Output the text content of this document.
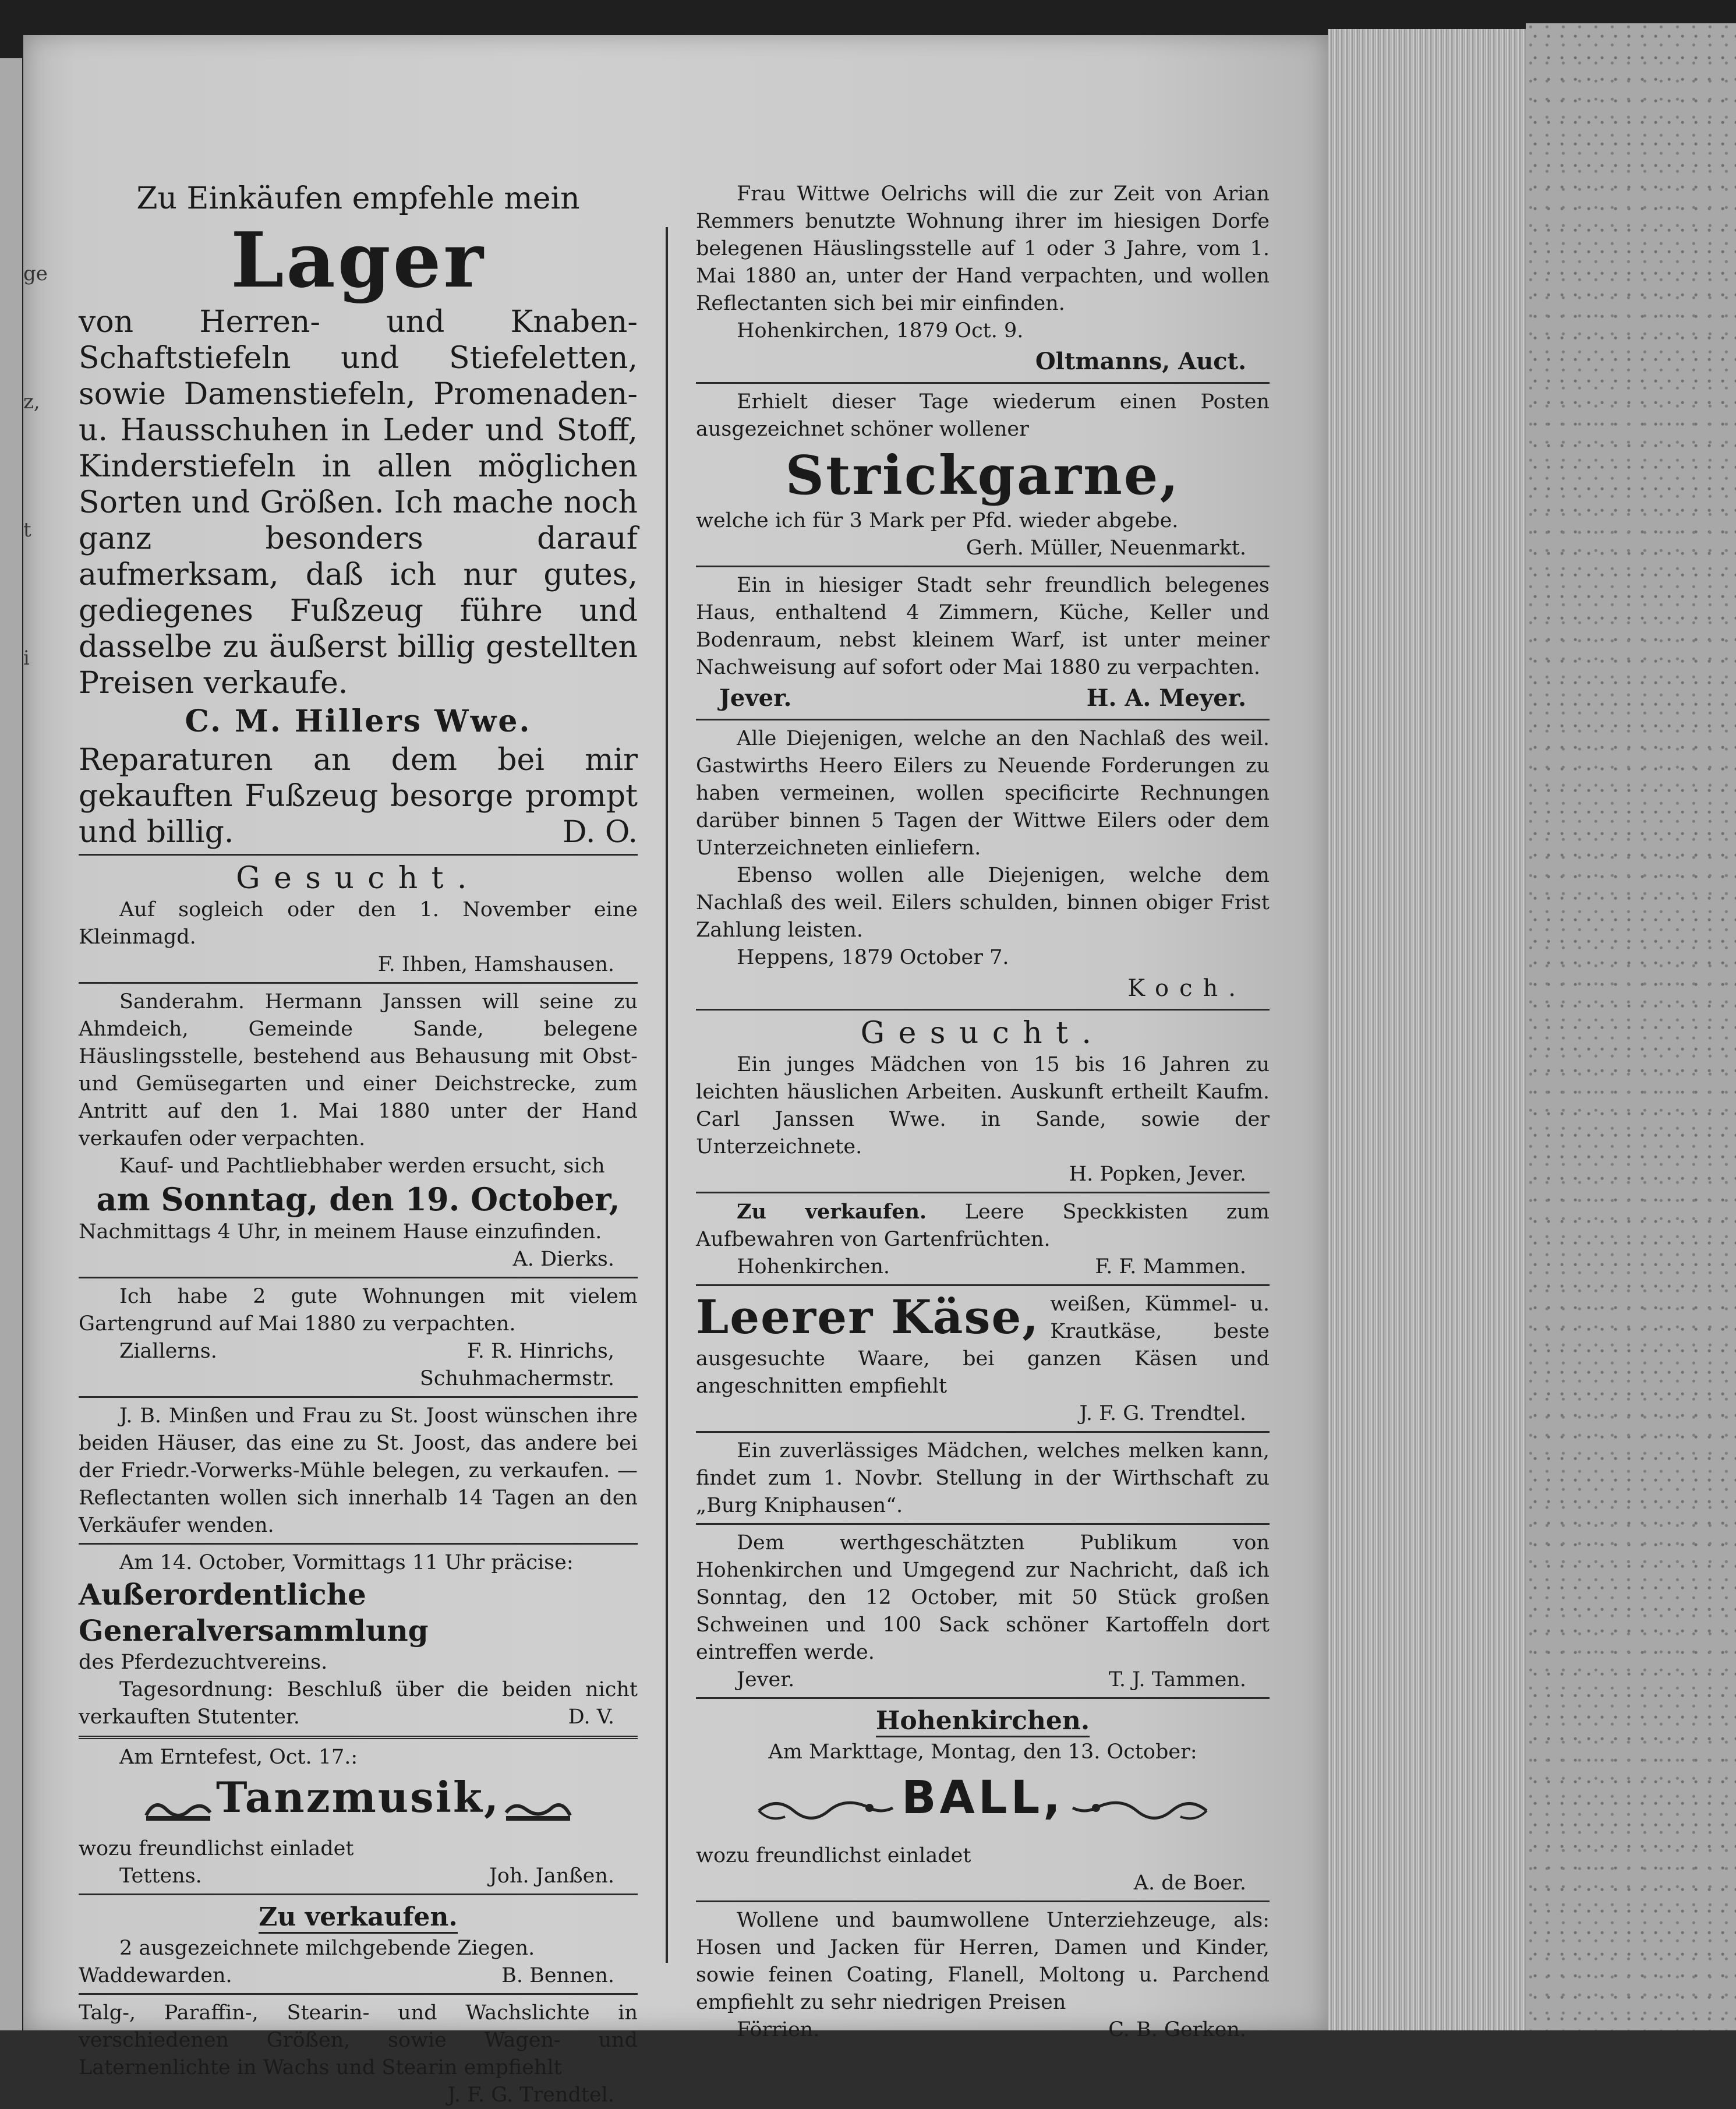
ge
z,
t
i
Zu Einkäufen empfehle mein
Lager
von Herren- und Knaben-Schaftstiefeln und Stiefeletten, sowie Damenstiefeln, Promenaden- u. Hausschuhen in Leder und Stoff, Kinderstiefeln in allen möglichen Sorten und Größen. Ich mache noch ganz besonders darauf aufmerksam, daß ich nur gutes, gediegenes Fußzeug führe und dasselbe zu äußerst billig gestellten Preisen verkaufe.
C. M. Hillers Wwe.
Reparaturen an dem bei mir gekauften Fußzeug besorge prompt und billig.	D. O.
Gesucht.
Auf sogleich oder den 1. November eine Kleinmagd.
F. Ihben, Hamshausen.
Sanderahm. Hermann Janssen will seine zu Ahmdeich, Gemeinde Sande, belegene Häuslingsstelle, bestehend aus Behausung mit Obst- und Gemüsegarten und einer Deichstrecke, zum Antritt auf den 1. Mai 1880 unter der Hand verkaufen oder verpachten.
Kauf- und Pachtliebhaber werden ersucht, sich
am Sonntag, den 19. October,
Nachmittags 4 Uhr, in meinem Hause einzufinden.
A. Dierks.
Ich habe 2 gute Wohnungen mit vielem Gartengrund auf Mai 1880 zu verpachten.
Ziallerns.	F. R. Hinrichs,
Schuhmachermstr.
J. B. Minßen und Frau zu St. Joost wünschen ihre beiden Häuser, das eine zu St. Joost, das andere bei der Friedr.-Vorwerks-Mühle belegen, zu verkaufen. — Reflectanten wollen sich innerhalb 14 Tagen an den Verkäufer wenden.
Am 14. October, Vormittags 11 Uhr präcise:
Außerordentliche Generalversammlung
des Pferdezuchtvereins.
Tagesordnung: Beschluß über die beiden nicht verkauften Stutenter.	D. V.
Am Erntefest, Oct. 17.:
Tanzmusik,
wozu freundlichst einladet
Tettens.	Joh. Janßen.
Zu verkaufen.
2 ausgezeichnete milchgebende Ziegen.
Waddewarden.	B. Bennen.
Talg-, Paraffin-, Stearin- und Wachslichte in verschiedenen Größen, sowie Wagen- und Laternenlichte in Wachs und Stearin empfiehlt
J. F. G. Trendtel.
Frau Wittwe Oelrichs will die zur Zeit von Arian Remmers benutzte Wohnung ihrer im hiesigen Dorfe belegenen Häuslingsstelle auf 1 oder 3 Jahre, vom 1. Mai 1880 an, unter der Hand verpachten, und wollen Reflectanten sich bei mir einfinden.
Hohenkirchen, 1879 Oct. 9.
Oltmanns, Auct.
Erhielt dieser Tage wiederum einen Posten ausgezeichnet schöner wollener
Strickgarne,
welche ich für 3 Mark per Pfd. wieder abgebe.
Gerh. Müller, Neuenmarkt.
Ein in hiesiger Stadt sehr freundlich belegenes Haus, enthaltend 4 Zimmern, Küche, Keller und Bodenraum, nebst kleinem Warf, ist unter meiner Nachweisung auf sofort oder Mai 1880 zu verpachten.
Jever.	H. A. Meyer.
Alle Diejenigen, welche an den Nachlaß des weil. Gastwirths Heero Eilers zu Neuende Forderungen zu haben vermeinen, wollen specificirte Rechnungen darüber binnen 5 Tagen der Wittwe Eilers oder dem Unterzeichneten einliefern.
Ebenso wollen alle Diejenigen, welche dem Nachlaß des weil. Eilers schulden, binnen obiger Frist Zahlung leisten.
Heppens, 1879 October 7.
Koch.
Gesucht.
Ein junges Mädchen von 15 bis 16 Jahren zu leichten häuslichen Arbeiten. Auskunft ertheilt Kaufm. Carl Janssen Wwe. in Sande, sowie der Unterzeichnete.
H. Popken, Jever.
Zu verkaufen. Leere Speckkisten zum Aufbewahren von Gartenfrüchten.
Hohenkirchen.	F. F. Mammen.
Leerer Käse, weißen, Kümmel- u. Krautkäse, beste ausgesuchte Waare, bei ganzen Käsen und angeschnitten empfiehlt
J. F. G. Trendtel.
Ein zuverlässiges Mädchen, welches melken kann, findet zum 1. Novbr. Stellung in der Wirthschaft zu „Burg Kniphausen“.
Dem werthgeschätzten Publikum von Hohenkirchen und Umgegend zur Nachricht, daß ich Sonntag, den 12 October, mit 50 Stück großen Schweinen und 100 Sack schöner Kartoffeln dort eintreffen werde.
Jever.	T. J. Tammen.
Hohenkirchen.
Am Markttage, Montag, den 13. October:
BALL,
wozu freundlichst einladet
A. de Boer.
Wollene und baumwollene Unterziehzeuge, als: Hosen und Jacken für Herren, Damen und Kinder, sowie feinen Coating, Flanell, Moltong u. Parchend empfiehlt zu sehr niedrigen Preisen
Förrien.	C. B. Gerken.
